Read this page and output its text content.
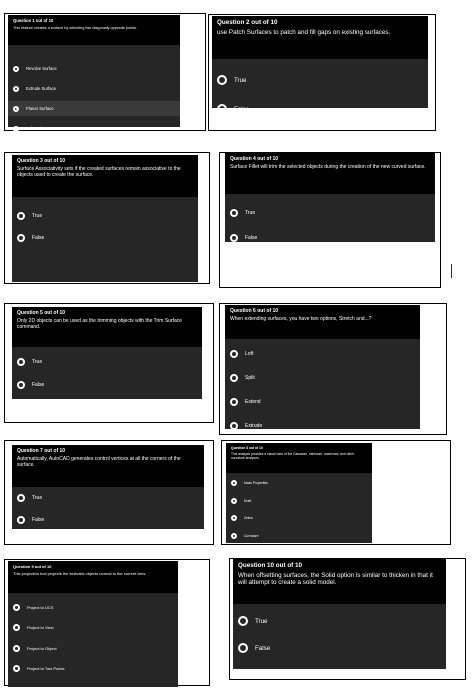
Question 1 out of 10
This feature creates a surface by selecting two diagonally opposite points.
Revolve Surface
Extrude Surface
Planar Surface
Loft Surface
Question 2 out of 10
use Patch Surfaces to patch and fill gaps on existing surfaces.
True
False
Question 3 out of 10
Surface Associativity sets if the created surfaces remain associative to the objects used to create the surface.
True
False
Question 4 out of 10
Surface Fillet will trim the selected objects during the creation of the new curved surface.
True
False
Question 5 out of 10
Only 2D objects can be used as the trimming objects with the Trim Surface command.
True
False
Question 6 out of 10
When extending surfaces, you have two options, Stretch and...?
Loft
Split
Extend
Extrude
Question 7 out of 10
Automatically, AutoCAD generates control vertices at all the corners of the surface.
True
False
Question 8 out of 10
This analysis provides a visual view of the Gaussian, minimum, maximum, and other curvature analyses.
Mass Properties
Draft
Zebra
Curvature
Question 9 out of 10
This projection tool projects the selected objects normal to the current view.
Project to UCS
Project to View
Project to Object
Project to Two Points
Question 10 out of 10
When offsetting surfaces, the Solid option is similar to thicken in that it will attempt to create a solid model.
True
False
